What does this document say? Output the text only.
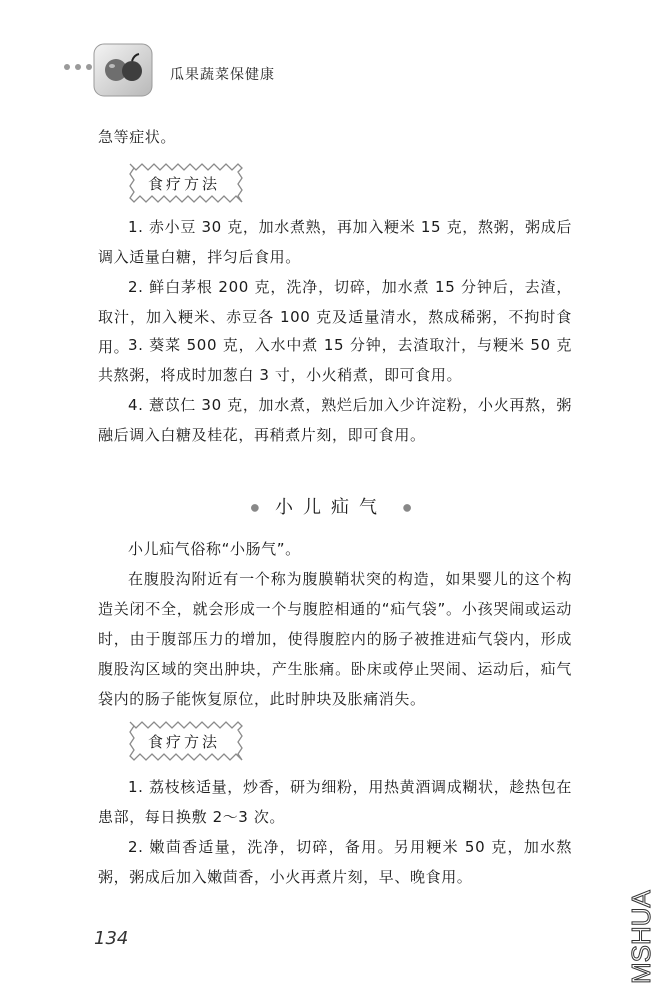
瓜果蔬菜保健康

急等症状。

食疗方法

1. 赤小豆 30 克，加水煮熟，再加入粳米 15 克，熬粥，粥成后调入适量白糖，拌匀后食用。

2. 鲜白茅根 200 克，洗净，切碎，加水煮 15 分钟后，去渣，取汁，加入粳米、赤豆各 100 克及适量清水，熬成稀粥，不拘时食用。

3. 葵菜 500 克，入水中煮 15 分钟，去渣取汁，与粳米 50 克共熬粥，将成时加葱白 3 寸，小火稍煮，即可食用。

4. 薏苡仁 30 克，加水煮，熟烂后加入少许淀粉，小火再熬，粥融后调入白糖及桂花，再稍煮片刻，即可食用。

● 小儿疝气 ●

小儿疝气俗称“小肠气”。

在腹股沟附近有一个称为腹膜鞘状突的构造，如果婴儿的这个构造关闭不全，就会形成一个与腹腔相通的“疝气袋”。小孩哭闹或运动时，由于腹部压力的增加，使得腹腔内的肠子被推进疝气袋内，形成腹股沟区域的突出肿块，产生胀痛。卧床或停止哭闹、运动后，疝气袋内的肠子能恢复原位，此时肿块及胀痛消失。

食疗方法

1. 荔枝核适量，炒香，研为细粉，用热黄酒调成糊状，趁热包在患部，每日换敷 2～3 次。

2. 嫩茴香适量，洗净，切碎，备用。另用粳米 50 克，加水熬粥，粥成后加入嫩茴香，小火再煮片刻，早、晚食用。

134	MSHUA
